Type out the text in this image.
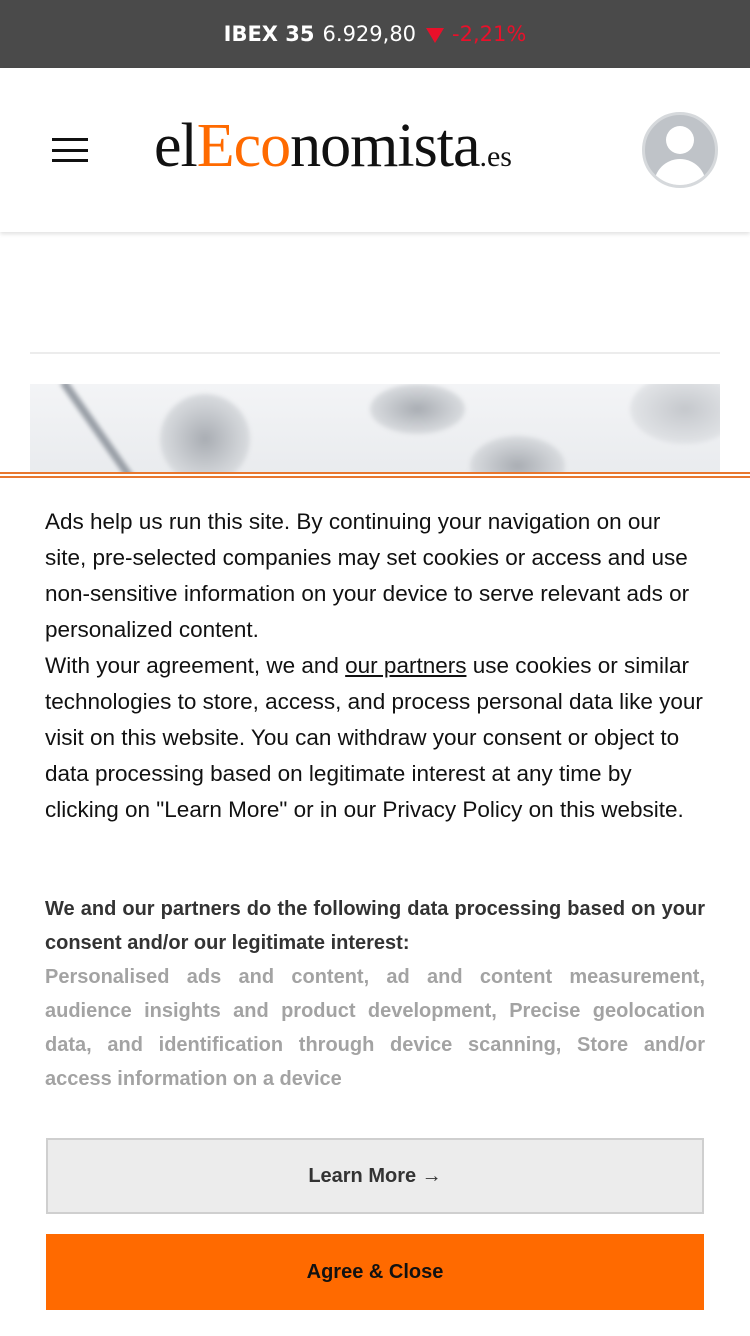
IBEX 35 6.929,80 -2,21%
el Eco nomista .es

Ads help us run this site. By continuing your navigation on our site, pre-selected companies may set cookies or access and use non-sensitive information on your device to serve relevant ads or personalized content.

With your agreement, we and our partners use cookies or similar technologies to store, access, and process personal data like your visit on this website. You can withdraw your consent or object to data processing based on legitimate interest at any time by clicking on "Learn More" or in our Privacy Policy on this website.

We and our partners do the following data processing based on your consent and/or our legitimate interest:

Personalised ads and content, ad and content measurement, audience insights and product development, Precise geolocation data, and identification through device scanning, Store and/or access information on a device

Learn More →
Agree & Close
